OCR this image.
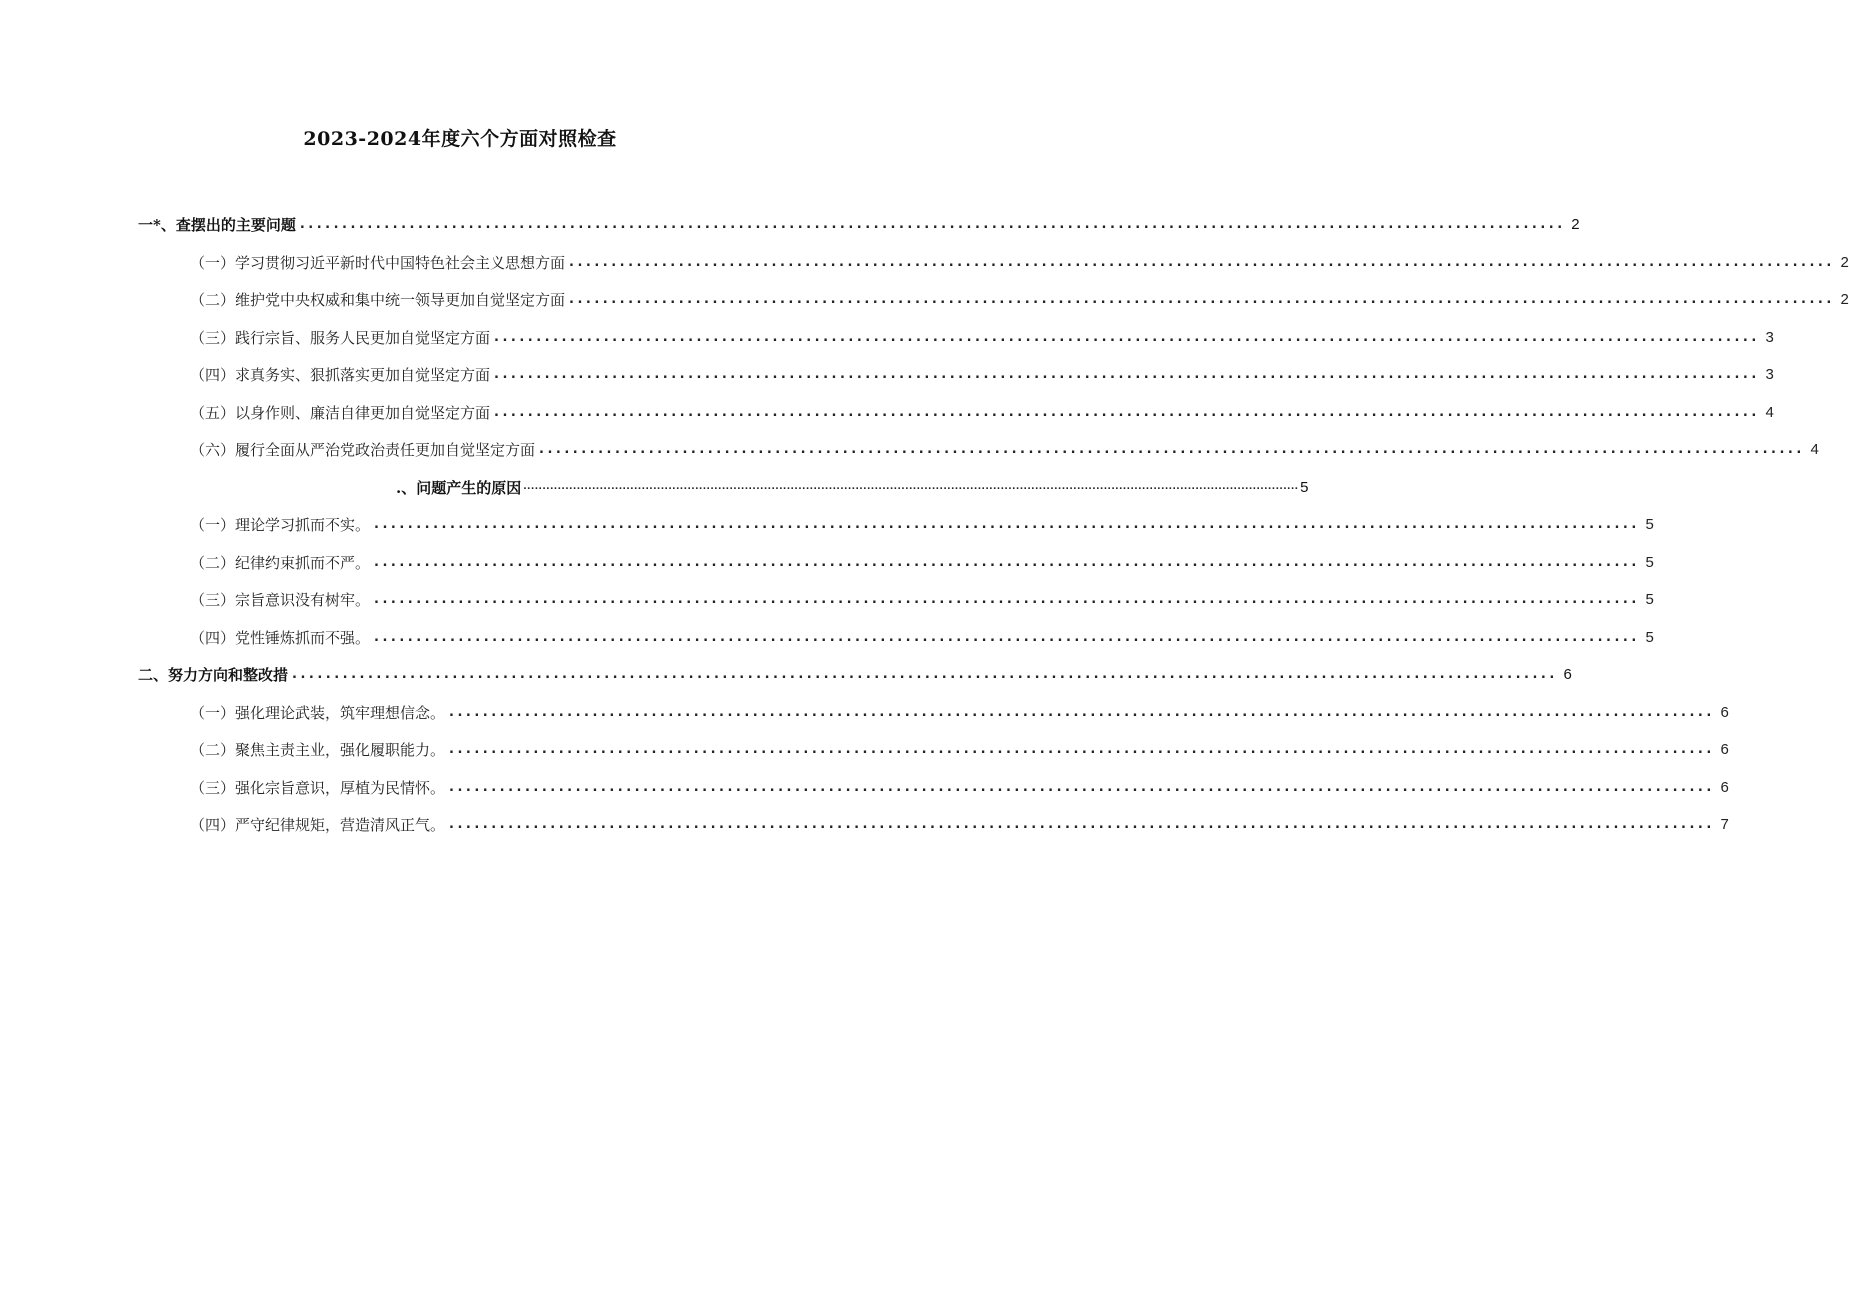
2023-2024年度六个方面对照检查
一*、查摆出的主要问题 ...................................................................................................................................................... 2
（一）学习贯彻习近平新时代中国特色社会主义思想方面 ...................................................................................................................................................... 2
（二）维护党中央权威和集中统一领导更加自觉坚定方面 ...................................................................................................................................................... 2
（三）践行宗旨、服务人民更加自觉坚定方面 ...................................................................................................................................................... 3
（四）求真务实、狠抓落实更加自觉坚定方面 ...................................................................................................................................................... 3
（五）以身作则、廉洁自律更加自觉坚定方面 ...................................................................................................................................................... 4
（六）履行全面从严治党政治责任更加自觉坚定方面 ...................................................................................................................................................... 4
.、问题产生的原因 ........................................................................................................................................................................................................... 5
（一）理论学习抓而不实。 ...................................................................................................................................................... 5
（二）纪律约束抓而不严。 ...................................................................................................................................................... 5
（三）宗旨意识没有树牢。 ...................................................................................................................................................... 5
（四）党性锤炼抓而不强。 ...................................................................................................................................................... 5
二、努力方向和整改措 ...................................................................................................................................................... 6
（一）强化理论武装，筑牢理想信念。 ...................................................................................................................................................... 6
（二）聚焦主责主业，强化履职能力。 ...................................................................................................................................................... 6
（三）强化宗旨意识，厚植为民情怀。 ...................................................................................................................................................... 6
（四）严守纪律规矩，营造清风正气。 ...................................................................................................................................................... 7
